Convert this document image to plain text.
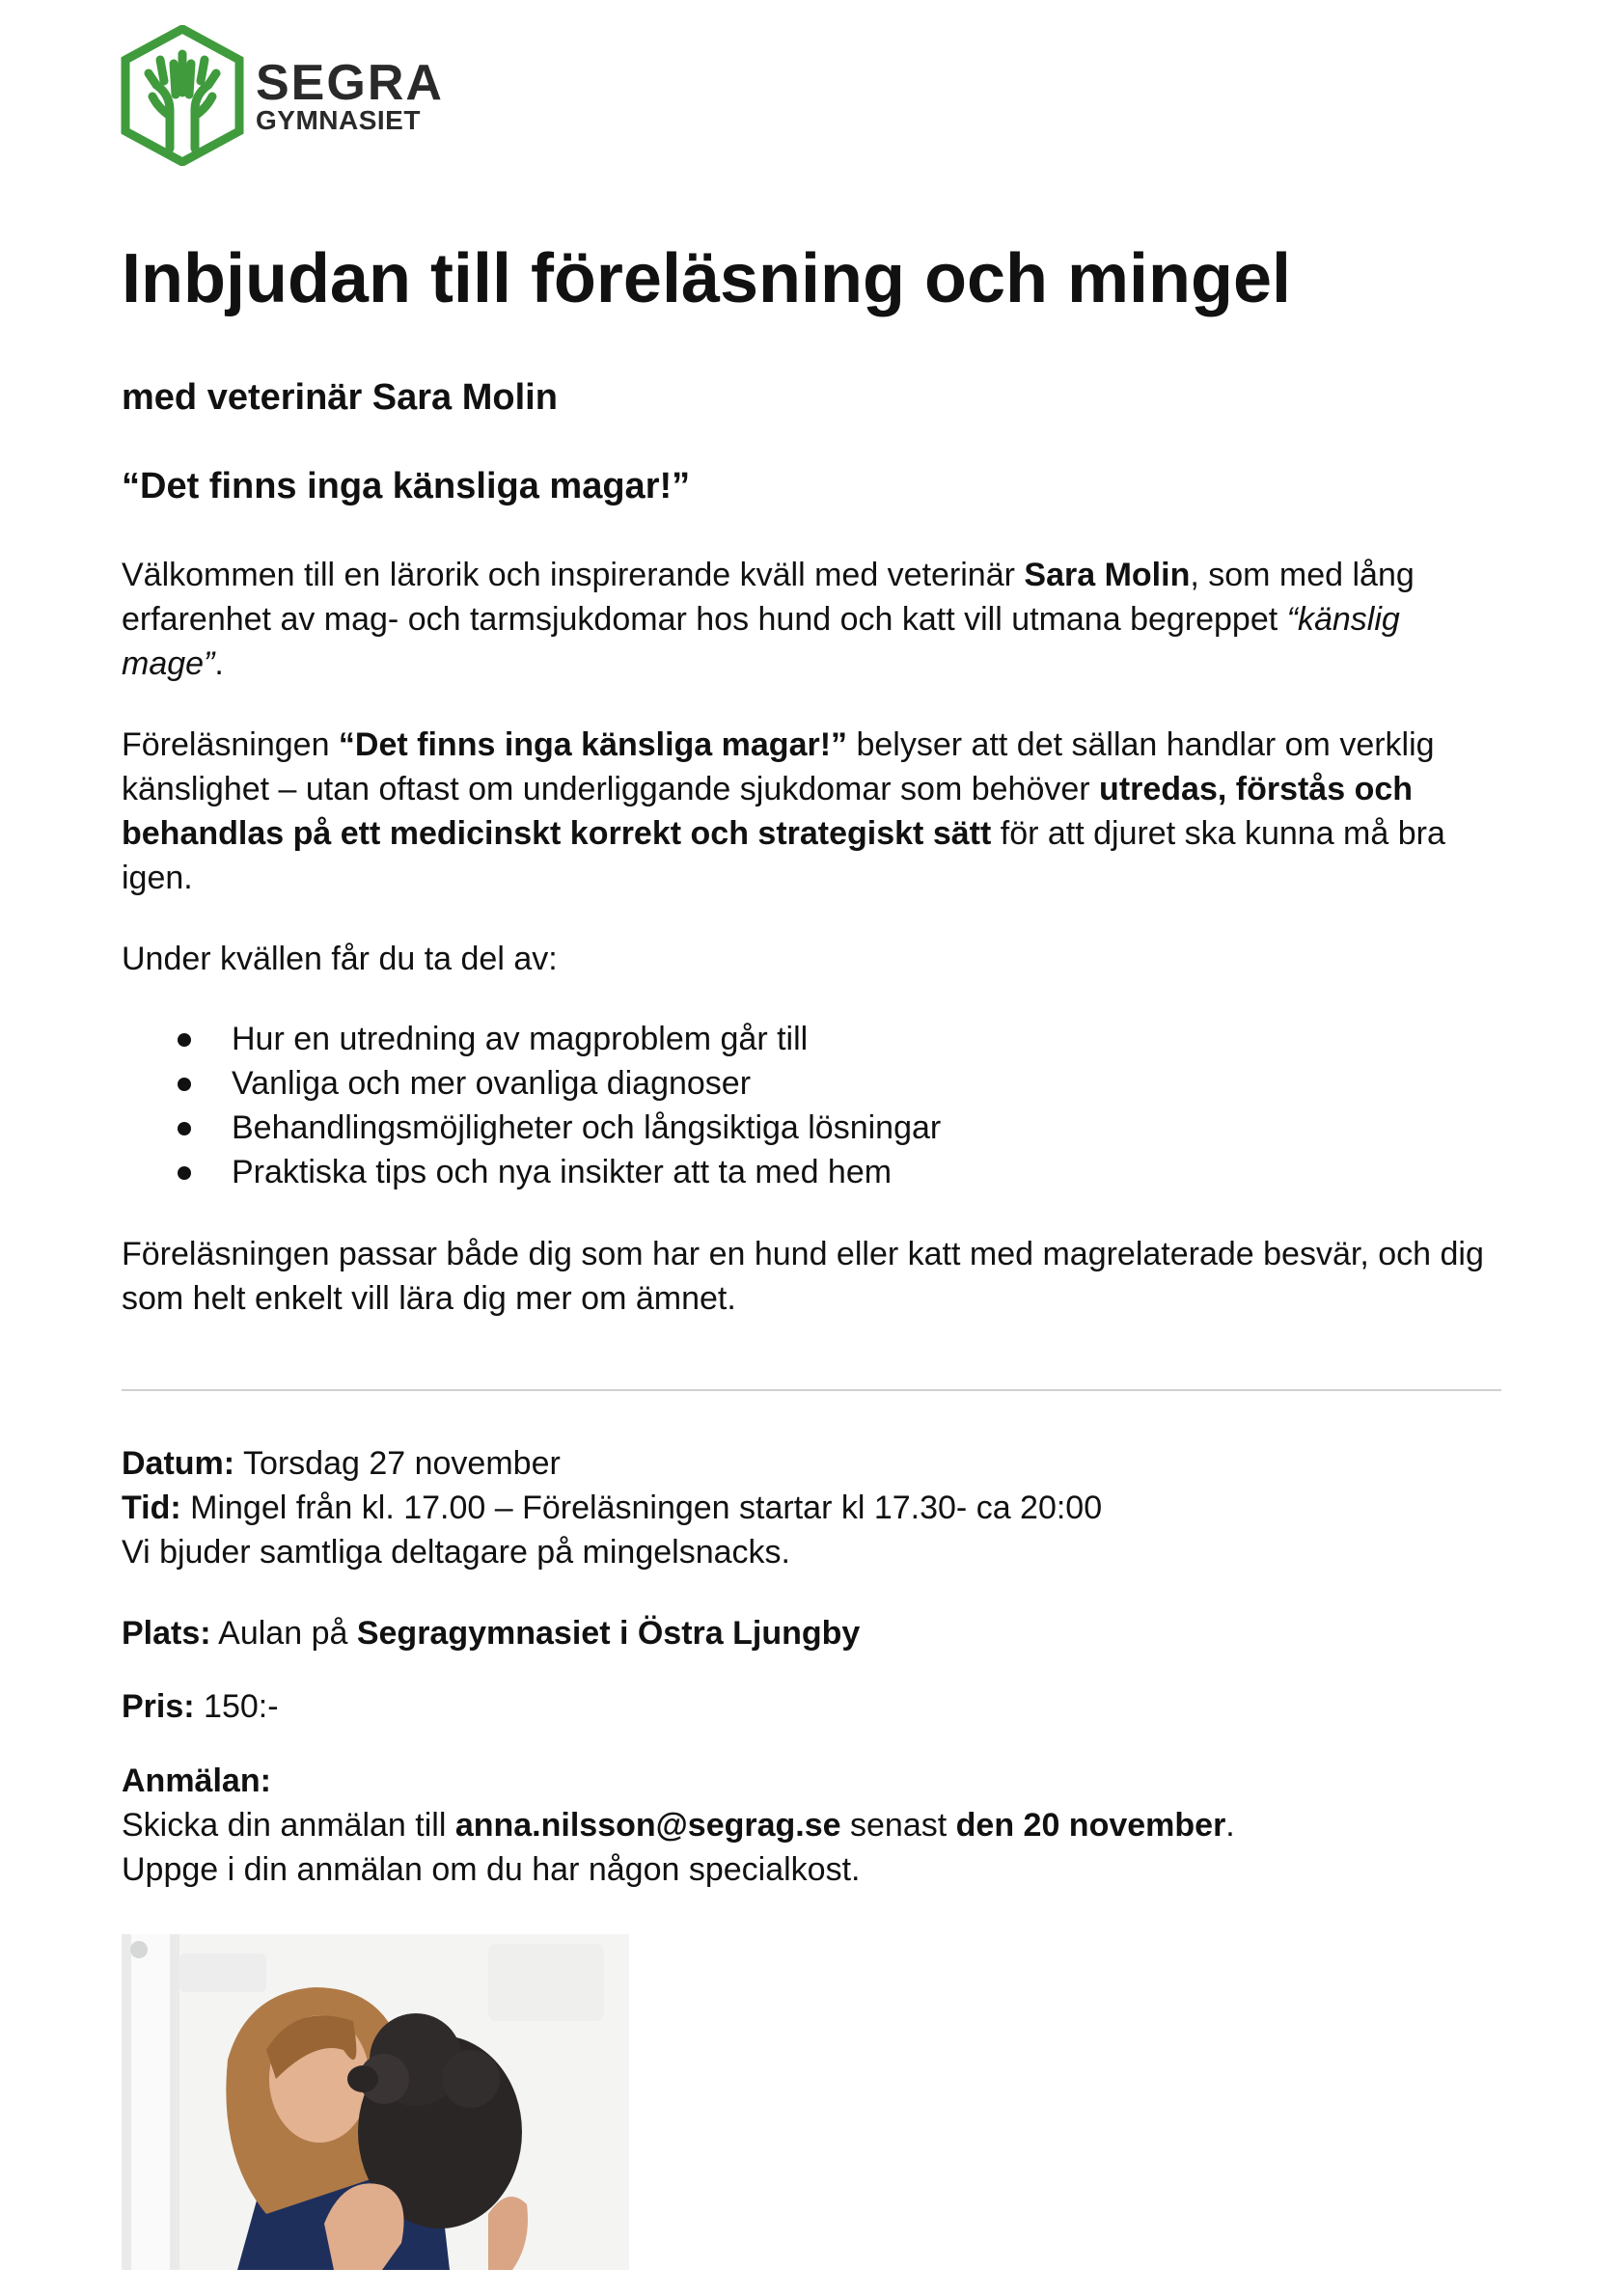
SEGRA
GYMNASIET
Inbjudan till föreläsning och mingel

med veterinär Sara Molin

“Det finns inga känsliga magar!”

Välkommen till en lärorik och inspirerande kväll med veterinär Sara Molin, som med lång erfarenhet av mag- och tarmsjukdomar hos hund och katt vill utmana begreppet “känslig mage”.

Föreläsningen “Det finns inga känsliga magar!” belyser att det sällan handlar om verklig känslighet – utan oftast om underliggande sjukdomar som behöver utredas, förstås och behandlas på ett medicinskt korrekt och strategiskt sätt för att djuret ska kunna må bra igen.

Under kvällen får du ta del av:

Hur en utredning av magproblem går till
Vanliga och mer ovanliga diagnoser
Behandlingsmöjligheter och långsiktiga lösningar
Praktiska tips och nya insikter att ta med hem

Föreläsningen passar både dig som har en hund eller katt med magrelaterade besvär, och dig som helt enkelt vill lära dig mer om ämnet.

Datum: Torsdag 27 november
Tid: Mingel från kl. 17.00 – Föreläsningen startar kl 17.30- ca 20:00
Vi bjuder samtliga deltagare på mingelsnacks.
Plats: Aulan på Segragymnasiet i Östra Ljungby
Pris: 150:-
Anmälan:
Skicka din anmälan till anna.nilsson@segrag.se senast den 20 november.
Uppge i din anmälan om du har någon specialkost.
